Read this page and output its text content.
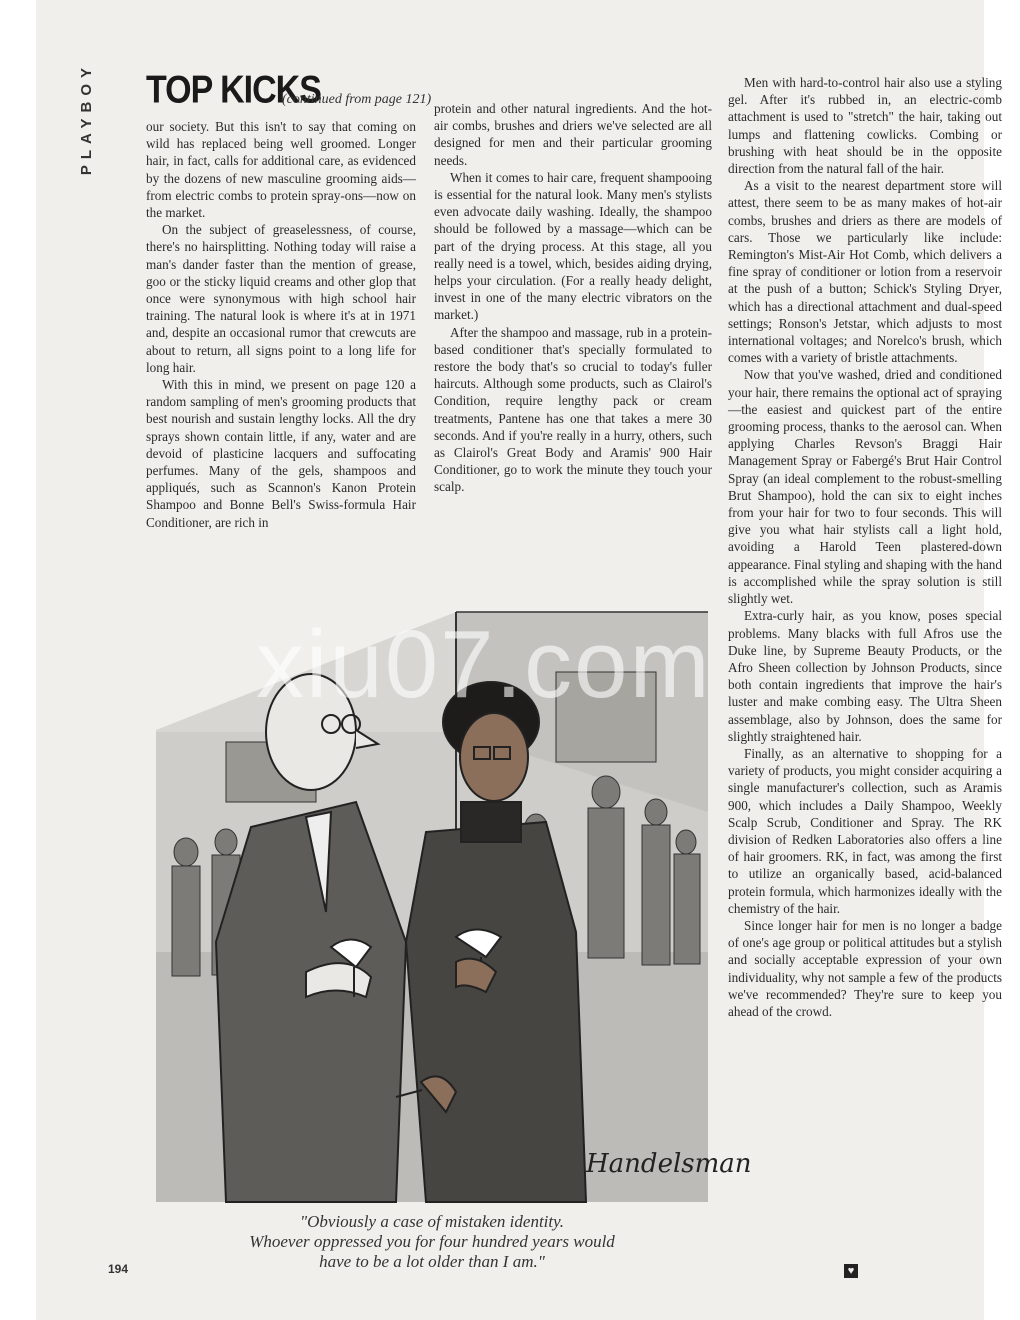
PLAYBOY TOP KICKS
(continued from page 121)

our society. But this isn't to say that coming on wild has replaced being well groomed. Longer hair, in fact, calls for additional care, as evidenced by the dozens of new masculine grooming aids—from electric combs to protein spray-ons—now on the market.

On the subject of greaselessness, of course, there's no hairsplitting. Nothing today will raise a man's dander faster than the mention of grease, goo or the sticky liquid creams and other glop that once were synonymous with high school hair training. The natural look is where it's at in 1971 and, despite an occasional rumor that crewcuts are about to return, all signs point to a long life for long hair.

With this in mind, we present on page 120 a random sampling of men's grooming products that best nourish and sustain lengthy locks. All the dry sprays shown contain little, if any, water and are devoid of plasticine lacquers and suffocating perfumes. Many of the gels, shampoos and appliqués, such as Scannon's Kanon Protein Shampoo and Bonne Bell's Swiss-formula Hair Conditioner, are rich in

protein and other natural ingredients. And the hot-air combs, brushes and driers we've selected are all designed for men and their particular grooming needs.

When it comes to hair care, frequent shampooing is essential for the natural look. Many men's stylists even advocate daily washing. Ideally, the shampoo should be followed by a massage—which can be part of the drying process. At this stage, all you really need is a towel, which, besides aiding drying, helps your circulation. (For a really heady delight, invest in one of the many electric vibrators on the market.)

After the shampoo and massage, rub in a protein-based conditioner that's specially formulated to restore the body that's so crucial to today's fuller haircuts. Although some products, such as Clairol's Condition, require lengthy pack or cream treatments, Pantene has one that takes a mere 30 seconds. And if you're really in a hurry, others, such as Clairol's Great Body and Aramis' 900 Hair Conditioner, go to work the minute they touch your scalp.

Men with hard-to-control hair also use a styling gel. After it's rubbed in, an electric-comb attachment is used to "stretch" the hair, taking out lumps and flattening cowlicks. Combing or brushing with heat should be in the opposite direction from the natural fall of the hair.

As a visit to the nearest department store will attest, there seem to be as many makes of hot-air combs, brushes and driers as there are models of cars. Those we particularly like include: Remington's Mist-Air Hot Comb, which delivers a fine spray of conditioner or lotion from a reservoir at the push of a button; Schick's Styling Dryer, which has a directional attachment and dual-speed settings; Ronson's Jetstar, which adjusts to most international voltages; and Norelco's brush, which comes with a variety of bristle attachments.

Now that you've washed, dried and conditioned your hair, there remains the optional act of spraying—the easiest and quickest part of the entire grooming process, thanks to the aerosol can. When applying Charles Revson's Braggi Hair Management Spray or Fabergé's Brut Hair Control Spray (an ideal complement to the robust-smelling Brut Shampoo), hold the can six to eight inches from your hair for two to four seconds. This will give you what hair stylists call a light hold, avoiding a Harold Teen plastered-down appearance. Final styling and shaping with the hand is accomplished while the spray solution is still slightly wet.

Extra-curly hair, as you know, poses special problems. Many blacks with full Afros use the Duke line, by Supreme Beauty Products, or the Afro Sheen collection by Johnson Products, since both contain ingredients that improve the hair's luster and make combing easy. The Ultra Sheen assemblage, also by Johnson, does the same for slightly straightened hair.

Finally, as an alternative to shopping for a variety of products, you might consider acquiring a single manufacturer's collection, such as Aramis 900, which includes a Daily Shampoo, Weekly Scalp Scrub, Conditioner and Spray. The RK division of Redken Laboratories also offers a line of hair groomers. RK, in fact, was among the first to utilize an organically based, acid-balanced protein formula, which harmonizes ideally with the chemistry of the hair.

Since longer hair for men is no longer a badge of one's age group or political attitudes but a stylish and socially acceptable expression of your own individuality, why not sample a few of the products we've recommended? They're sure to keep you ahead of the crowd.

Handelsman
"Obviously a case of mistaken identity.
Whoever oppressed you for four hundred years would
have to be a lot older than I am."
194	♥
xiu07.com
